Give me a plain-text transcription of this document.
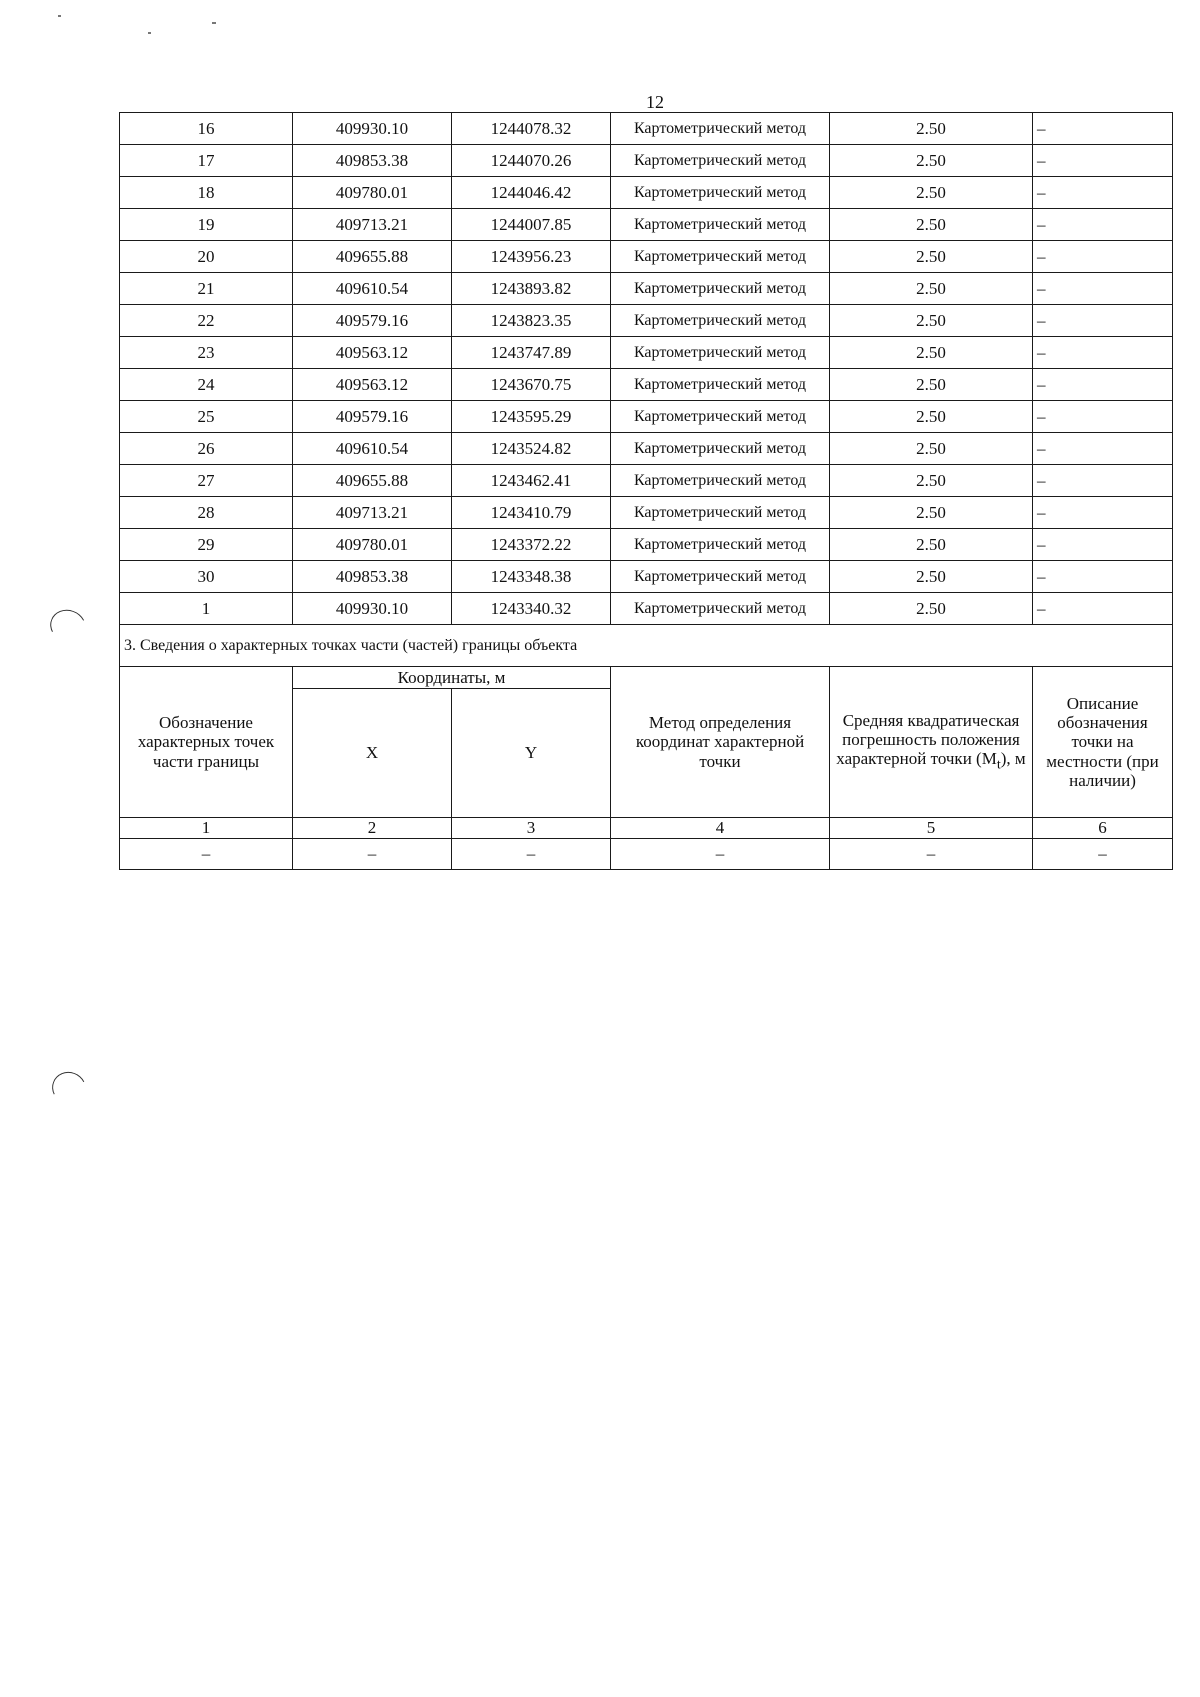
12
16	409930.10	1244078.32	Картометрический метод	2.50	–
17	409853.38	1244070.26	Картометрический метод	2.50	–
18	409780.01	1244046.42	Картометрический метод	2.50	–
19	409713.21	1244007.85	Картометрический метод	2.50	–
20	409655.88	1243956.23	Картометрический метод	2.50	–
21	409610.54	1243893.82	Картометрический метод	2.50	–
22	409579.16	1243823.35	Картометрический метод	2.50	–
23	409563.12	1243747.89	Картометрический метод	2.50	–
24	409563.12	1243670.75	Картометрический метод	2.50	–
25	409579.16	1243595.29	Картометрический метод	2.50	–
26	409610.54	1243524.82	Картометрический метод	2.50	–
27	409655.88	1243462.41	Картометрический метод	2.50	–
28	409713.21	1243410.79	Картометрический метод	2.50	–
29	409780.01	1243372.22	Картометрический метод	2.50	–
30	409853.38	1243348.38	Картометрический метод	2.50	–
1	409930.10	1243340.32	Картометрический метод	2.50	–
3. Сведения о характерных точках части (частей) границы объекта					
Обозначение характерных точек части границы	Координаты, м		Метод определения координат характерной точки	Средняя квадратическая погрешность положения характерной точки $(M_t)$, м	Описание обозначения точки на местности (при наличии)
	X	Y			
1	2	3	4	5	6
–	–	–	–	–	–
